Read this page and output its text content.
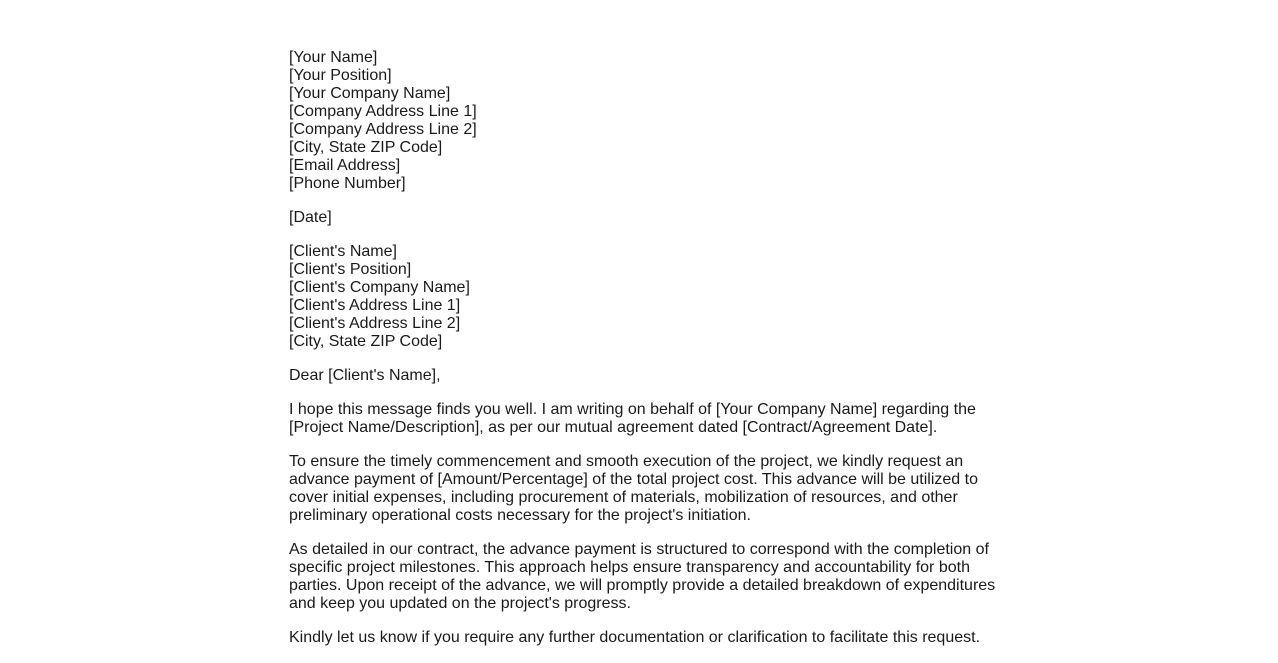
[Your Name]
[Your Position]
[Your Company Name]
[Company Address Line 1]
[Company Address Line 2]
[City, State ZIP Code]
[Email Address]
[Phone Number]
[Date]
[Client's Name]
[Client's Position]
[Client's Company Name]
[Client's Address Line 1]
[Client's Address Line 2]
[City, State ZIP Code]
Dear [Client's Name],

I hope this message finds you well. I am writing on behalf of [Your Company Name] regarding the [Project Name/Description], as per our mutual agreement dated [Contract/Agreement Date].

To ensure the timely commencement and smooth execution of the project, we kindly request an advance payment of [Amount/Percentage] of the total project cost. This advance will be utilized to cover initial expenses, including procurement of materials, mobilization of resources, and other preliminary operational costs necessary for the project's initiation.

As detailed in our contract, the advance payment is structured to correspond with the completion of specific project milestones. This approach helps ensure transparency and accountability for both parties. Upon receipt of the advance, we will promptly provide a detailed breakdown of expenditures and keep you updated on the project's progress.

Kindly let us know if you require any further documentation or clarification to facilitate this request.
